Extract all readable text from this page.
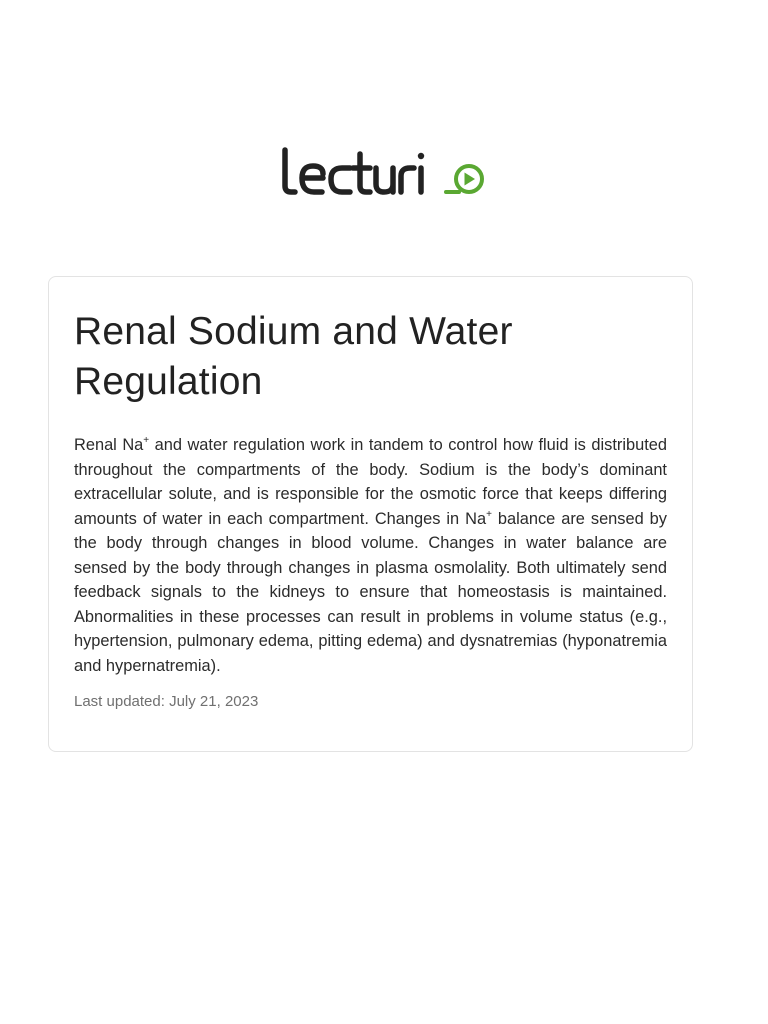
Renal Sodium and Water Regulation

Renal Na+ and water regulation work in tandem to control how fluid is distributed throughout the compartments of the body. Sodium is the body’s dominant extracellular solute, and is responsible for the osmotic force that keeps differing amounts of water in each compartment. Changes in Na+ balance are sensed by the body through changes in blood volume. Changes in water balance are sensed by the body through changes in plasma osmolality. Both ultimately send feedback signals to the kidneys to ensure that homeostasis is maintained. Abnormalities in these processes can result in problems in volume status (e.g., hypertension, pulmonary edema, pitting edema) and dysnatremias (hyponatremia and hypernatremia).

Last updated: July 21, 2023
